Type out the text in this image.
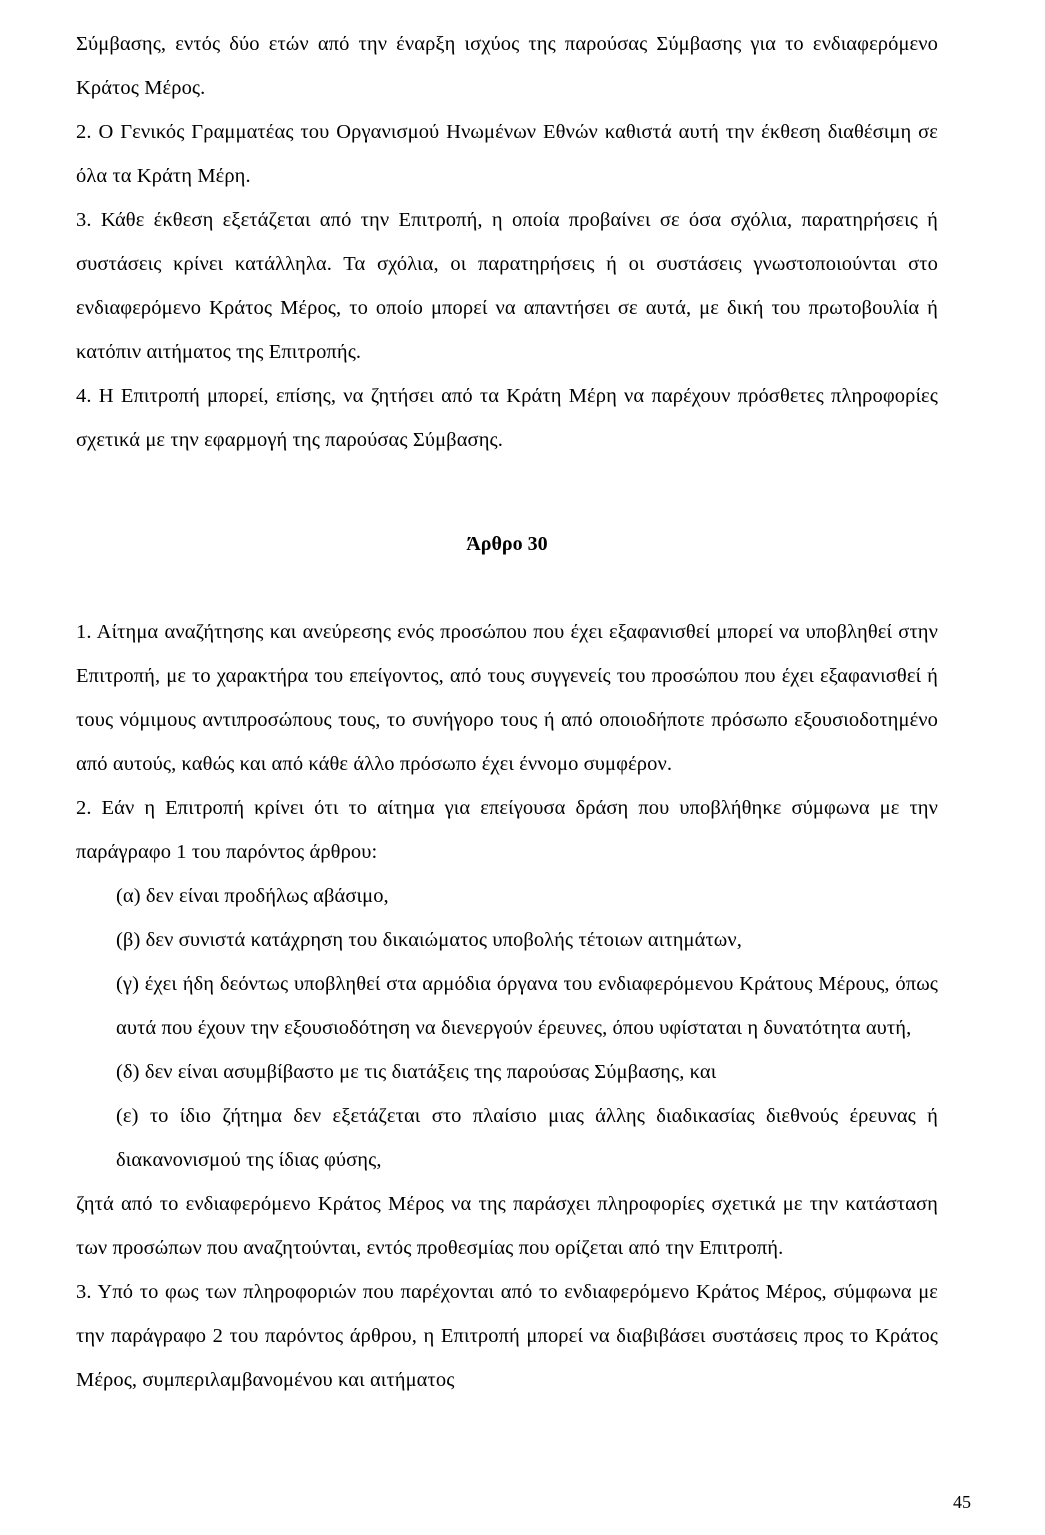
Σύμβασης, εντός δύο ετών από την έναρξη ισχύος της παρούσας Σύμβασης για το ενδιαφερόμενο Κράτος Μέρος.

2. Ο Γενικός Γραμματέας του Οργανισμού Ηνωμένων Εθνών καθιστά αυτή την έκθεση διαθέσιμη σε όλα τα Κράτη Μέρη.

3. Κάθε έκθεση εξετάζεται από την Επιτροπή, η οποία προβαίνει σε όσα σχόλια, παρατηρήσεις ή συστάσεις κρίνει κατάλληλα. Τα σχόλια, οι παρατηρήσεις ή οι συστάσεις γνωστοποιούνται στο ενδιαφερόμενο Κράτος Μέρος, το οποίο μπορεί να απαντήσει σε αυτά, με δική του πρωτοβουλία ή κατόπιν αιτήματος της Επιτροπής.

4. Η Επιτροπή μπορεί, επίσης, να ζητήσει από τα Κράτη Μέρη να παρέχουν πρόσθετες πληροφορίες σχετικά με την εφαρμογή της παρούσας Σύμβασης.

Άρθρο 30

1. Αίτημα αναζήτησης και ανεύρεσης ενός προσώπου που έχει εξαφανισθεί μπορεί να υποβληθεί στην Επιτροπή, με το χαρακτήρα του επείγοντος, από τους συγγενείς του προσώπου που έχει εξαφανισθεί ή τους νόμιμους αντιπροσώπους τους, το συνήγορο τους ή από οποιοδήποτε πρόσωπο εξουσιοδοτημένο από αυτούς, καθώς και από κάθε άλλο πρόσωπο έχει έννομο συμφέρον.

2. Εάν η Επιτροπή κρίνει ότι το αίτημα για επείγουσα δράση που υποβλήθηκε σύμφωνα με την παράγραφο 1 του παρόντος άρθρου:

(α) δεν είναι προδήλως αβάσιμο,

(β) δεν συνιστά κατάχρηση του δικαιώματος υποβολής τέτοιων αιτημάτων,

(γ) έχει ήδη δεόντως υποβληθεί στα αρμόδια όργανα του ενδιαφερόμενου Κράτους Μέρους, όπως αυτά που έχουν την εξουσιοδότηση να διενεργούν έρευνες, όπου υφίσταται η δυνατότητα αυτή,

(δ) δεν είναι ασυμβίβαστο με τις διατάξεις της παρούσας Σύμβασης, και

(ε) το ίδιο ζήτημα δεν εξετάζεται στο πλαίσιο μιας άλλης διαδικασίας διεθνούς έρευνας ή διακανονισμού της ίδιας φύσης,

ζητά από το ενδιαφερόμενο Κράτος Μέρος να της παράσχει πληροφορίες σχετικά με την κατάσταση των προσώπων που αναζητούνται, εντός προθεσμίας που ορίζεται από την Επιτροπή.

3. Υπό το φως των πληροφοριών που παρέχονται από το ενδιαφερόμενο Κράτος Μέρος, σύμφωνα με την παράγραφο 2 του παρόντος άρθρου, η Επιτροπή μπορεί να διαβιβάσει συστάσεις προς το Κράτος Μέρος, συμπεριλαμβανομένου και αιτήματος

45
